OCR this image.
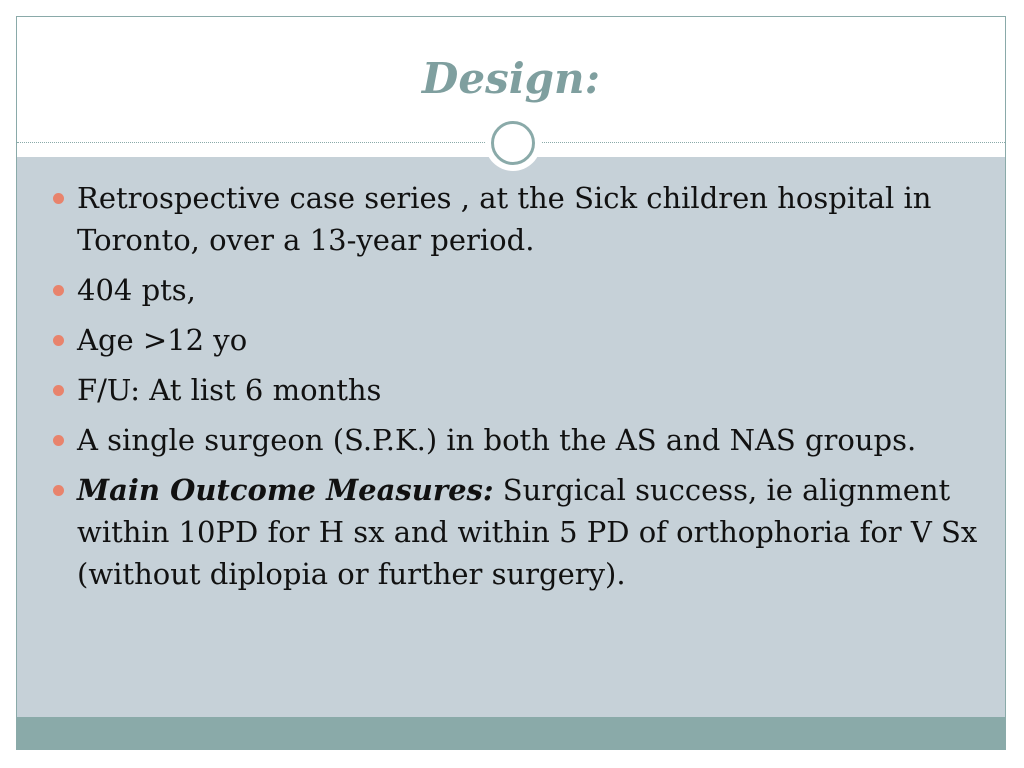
Design:
Retrospective case series , at the Sick children hospital in Toronto, over a 13-year period.
404 pts,
Age >12 yo
F/U: At list 6 months
A single surgeon (S.P.K.) in both the AS and NAS groups.
Main Outcome Measures: Surgical success, ie alignment within 10PD for H sx and within 5 PD of orthophoria for V Sx (without diplopia or further surgery).
